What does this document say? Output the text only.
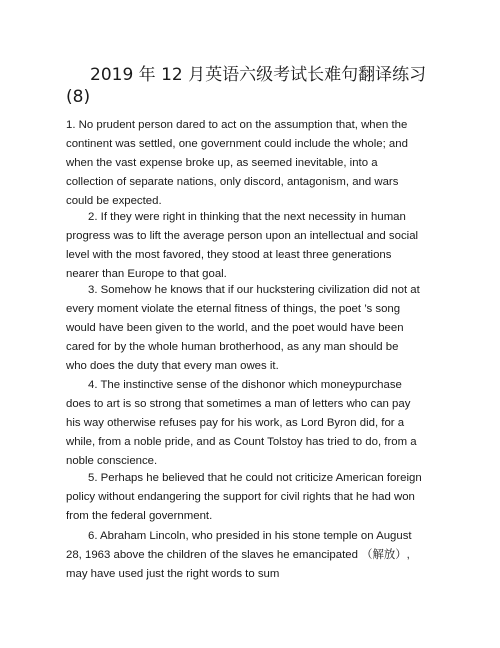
2019 年 12 月英语六级考试长难句翻译练习
(8)

1. No prudent person dared to act on the assumption that, when the continent was settled, one government could include the whole; and when the vast expense broke up, as seemed inevitable, into a collection of separate nations, only discord, antagonism, and wars could be expected.

2. If they were right in thinking that the next necessity in human progress was to lift the average person upon an intellectual and social level with the most favored, they stood at least three generations nearer than Europe to that goal.

3. Somehow he knows that if our huckstering civilization did not at every moment violate the eternal fitness of things, the poet ’s song would have been given to the world, and the poet would have been cared for by the whole human brotherhood, as any man should be who does the duty that every man owes it.

4. The instinctive sense of the dishonor which moneypurchase does to art is so strong that sometimes a man of letters who can pay his way otherwise refuses pay for his work, as Lord Byron did, for a while, from a noble pride, and as Count Tolstoy has tried to do, from a noble conscience.

5. Perhaps he believed that he could not criticize American foreign policy without endangering the support for civil rights that he had won from the federal government.

6. Abraham Lincoln, who presided in his stone temple on August 28, 1963 above the children of the slaves he emancipated （解放）, may have used just the right words to sum
